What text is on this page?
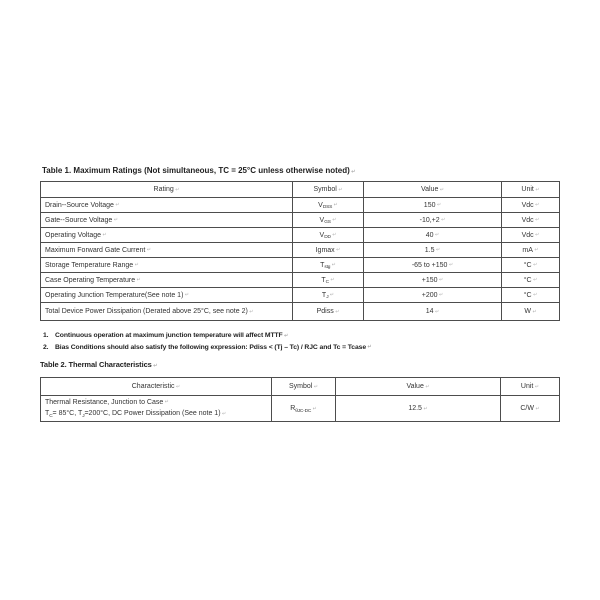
Table 1. Maximum Ratings (Not simultaneous, TC = 25°C unless otherwise noted) ↵
Rating ↵	Symbol ↵	Value ↵	Unit ↵
Drain--Source Voltage ↵	$V_{DSS}$ ↵	150 ↵	Vdc ↵
Gate--Source Voltage ↵	$V_{GS}$ ↵	-10,+2 ↵	Vdc ↵
Operating Voltage ↵	$V_{DD}$ ↵	40 ↵	Vdc ↵
Maximum Forward Gate Current ↵	Igmax ↵	1.5 ↵	mA ↵
Storage Temperature Range ↵	$T_{stg}$ ↵	-65 to +150 ↵	°C ↵
Case Operating Temperature ↵	$T_C$ ↵	+150 ↵	°C ↵
Operating Junction Temperature(See note 1) ↵	$T_J$ ↵	+200 ↵	°C ↵
Total Device Power Dissipation (Derated above 25°C, see note 2) ↵	Pdiss ↵	14 ↵	W ↵
1. Continuous operation at maximum junction temperature will affect MTTF ↵
2. Bias Conditions should also satisfy the following expression: Pdiss < (Tj – Tc) / RJC and Tc = Tcase ↵
Table 2. Thermal Characteristics ↵
Characteristic ↵	Symbol ↵	Value ↵	Unit ↵

Thermal Resistance, Junction to Case ↵
$T_C= 85^\circ C$, $T_J=200^\circ C$, DC Power Dissipation (See note 1) ↵	$R_{\theta JC-DC}$ ↵	12.5 ↵	C/W ↵
